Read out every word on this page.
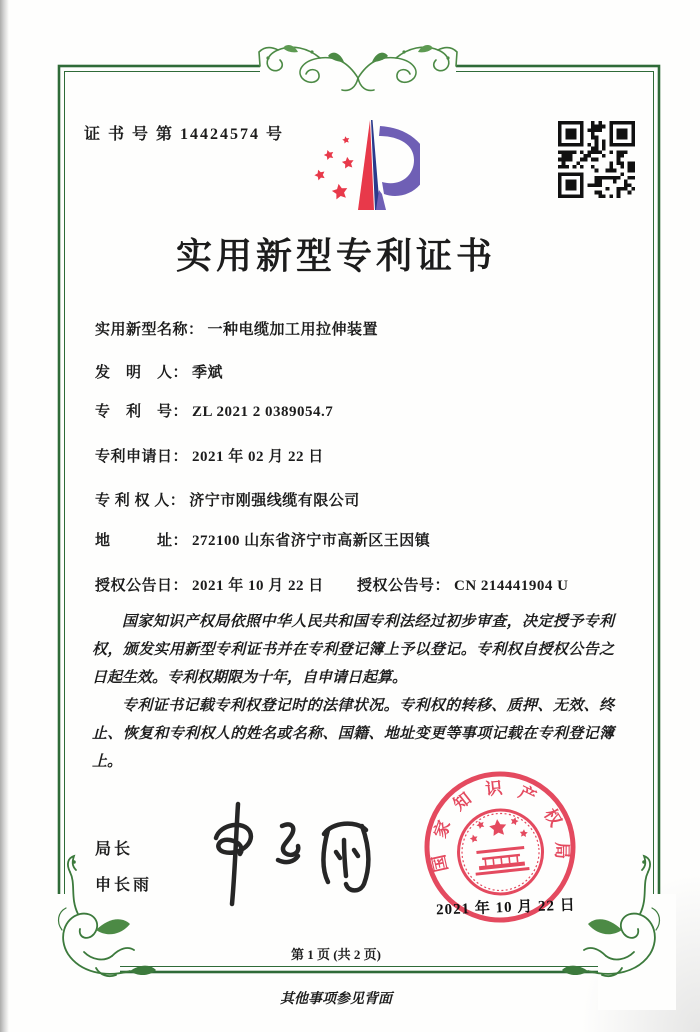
证 书 号 第 14424574 号
实用新型专利证书
实用新型名称： 一种电缆加工用拉伸装置
发　明　人： 季斌
专　利　号： ZL 2021 2 0389054.7
专利申请日： 2021 年 02 月 22 日
专 利 权 人： 济宁市刚强线缆有限公司
地　　　址： 272100 山东省济宁市高新区王因镇
授权公告日： 2021 年 10 月 22 日 授权公告号： CN 214441904 U

国家知识产权局依照中华人民共和国专利法经过初步审查，决定授予专利权，颁发实用新型专利证书并在专利登记簿上予以登记。专利权自授权公告之日起生效。专利权期限为十年，自申请日起算。

专利证书记载专利权登记时的法律状况。专利权的转移、质押、无效、终止、恢复和专利权人的姓名或名称、国籍、地址变更等事项记载在专利登记簿上。

局长
申长雨
国家知识产权局
2021 年 10 月 22 日
第 1 页 (共 2 页)
其他事项参见背面
